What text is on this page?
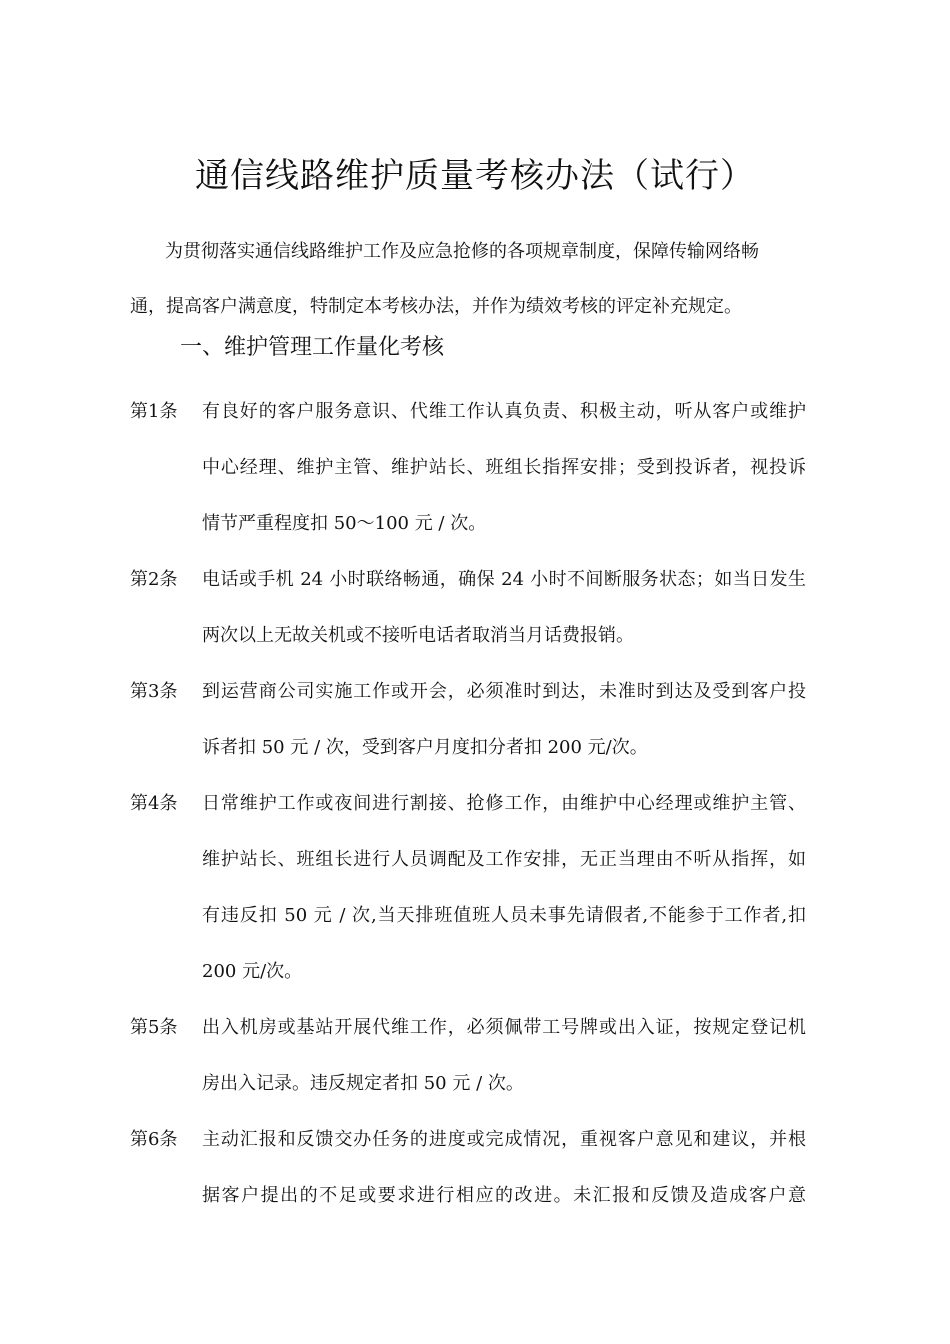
通信线路维护质量考核办法（试行）
为贯彻落实通信线路维护工作及应急抢修的各项规章制度，保障传输网络畅
通，提高客户满意度，特制定本考核办法，并作为绩效考核的评定补充规定。
一、维护管理工作量化考核
第1条 有良好的客户服务意识、代维工作认真负责、积极主动，听从客户或维护
中心经理、维护主管、维护站长、班组长指挥安排；受到投诉者，视投诉
情节严重程度扣 50～100 元 / 次。
第2条 电话或手机 24 小时联络畅通，确保 24 小时不间断服务状态；如当日发生
两次以上无故关机或不接听电话者取消当月话费报销。
第3条 到运营商公司实施工作或开会，必须准时到达，未准时到达及受到客户投
诉者扣 50 元 / 次，受到客户月度扣分者扣 200 元/次。
第4条 日常维护工作或夜间进行割接、抢修工作，由维护中心经理或维护主管、
维护站长、班组长进行人员调配及工作安排，无正当理由不听从指挥，如
有违反扣 50 元 / 次,当天排班值班人员未事先请假者,不能参于工作者,扣
200 元/次。
第5条 出入机房或基站开展代维工作，必须佩带工号牌或出入证，按规定登记机
房出入记录。违反规定者扣 50 元 / 次。
第6条 主动汇报和反馈交办任务的进度或完成情况，重视客户意见和建议，并根
据客户提出的不足或要求进行相应的改进。未汇报和反馈及造成客户意
